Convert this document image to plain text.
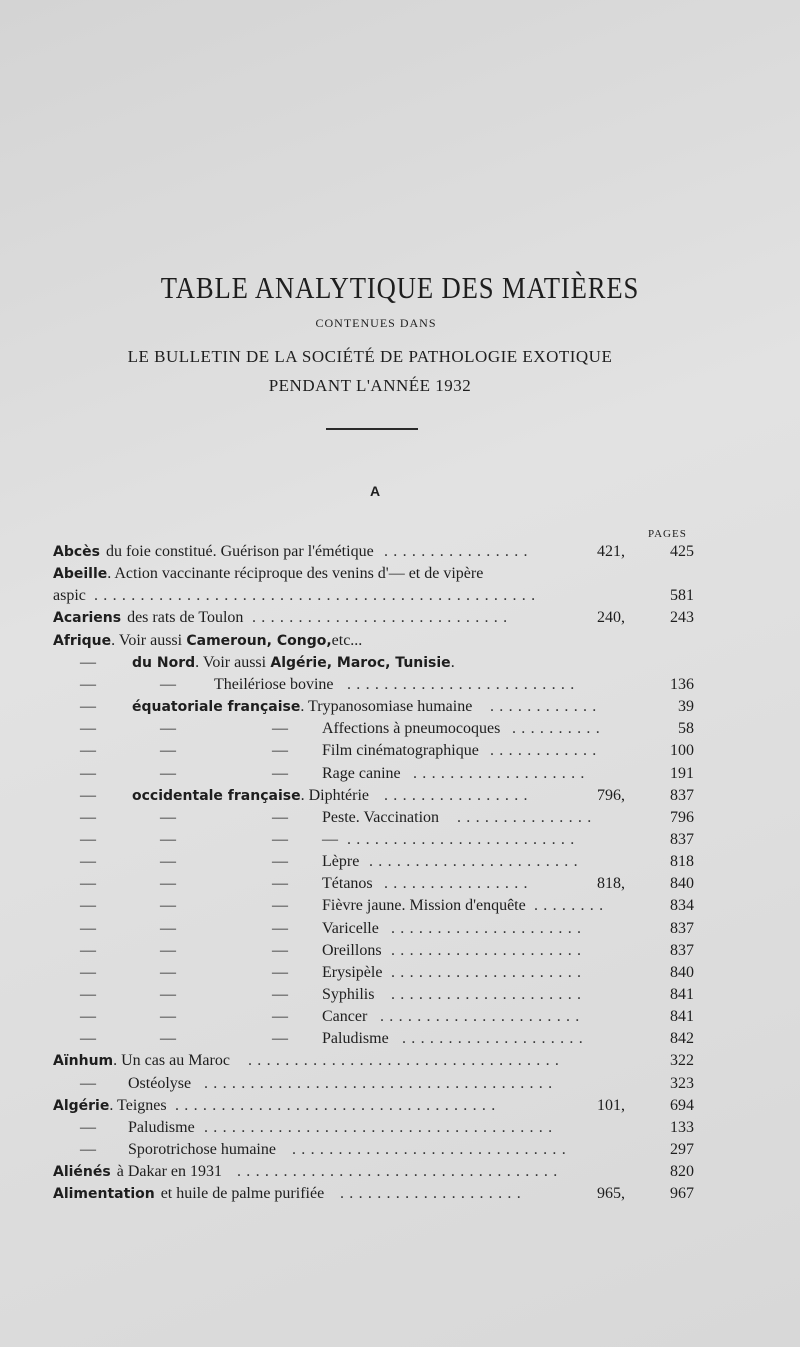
TABLE ANALYTIQUE DES MATIÈRES
CONTENUES DANS
LE BULLETIN DE LA SOCIÉTÉ DE PATHOLOGIE EXOTIQUE
PENDANT L'ANNÉE 1932
A
PAGES
Abcès du foie constitué. Guérison par l'émétique ................	421,	425
Abeille . Action vaccinante réciproque des venins d'— et de vipère
aspic ................................................	581
Acariens des rats de Toulon ............................	240,	243
Afrique . Voir aussi Cameroun, Congo, etc...
—	du Nord . Voir aussi Algérie, Maroc, Tunisie .
—	— Theilériose bovine .........................	136
—	équatoriale française . Trypanosomiase humaine ............	39
—	—	— Affections à pneumocoques ..........	58
—	—	— Film cinématographique ............	100
—	—	— Rage canine ...................	191
—	occidentale française . Diphtérie ................	796,	837
—	—	— Peste. Vaccination ...............	796
—	—	— — .........................	837
—	—	— Lèpre .......................	818
—	—	— Tétanos ................	818,	840
—	—	— Fièvre jaune. Mission d'enquête ........	834
—	—	— Varicelle .....................	837
—	—	— Oreillons .....................	837
—	—	— Erysipèle .....................	840
—	—	— Syphilis .....................	841
—	—	— Cancer ......................	841
—	—	— Paludisme ....................	842
Aïnhum . Un cas au Maroc ..................................	322
— Ostéolyse ......................................	323
Algérie . Teignes ...................................	101,	694
— Paludisme ......................................	133
— Sporotrichose humaine ..............................	297
Aliénés à Dakar en 1931 ...................................	820
Alimentation et huile de palme purifiée ....................	965,	967
